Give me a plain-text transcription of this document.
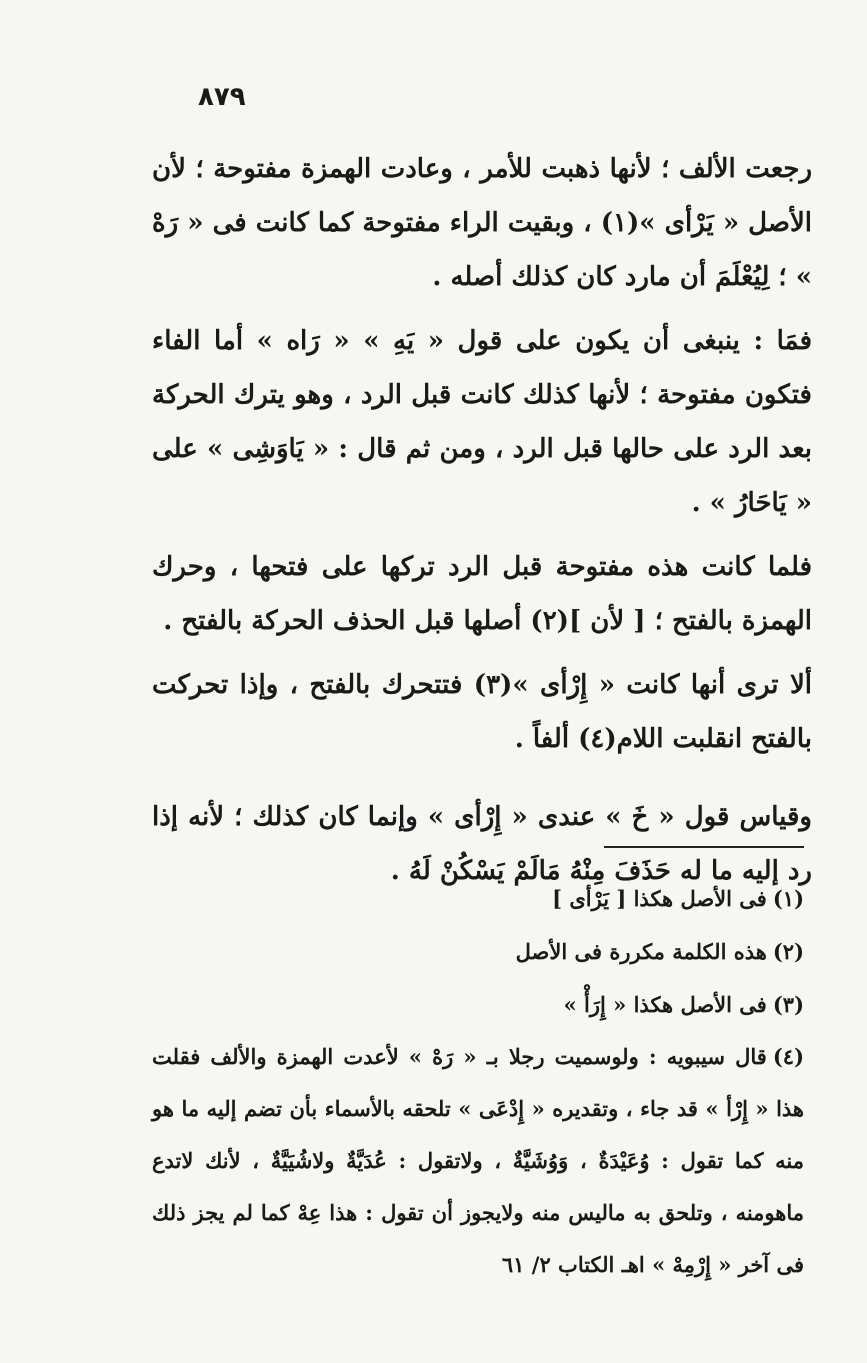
٨٧٩

رجعت الألف ؛ لأنها ذهبت للأمر ، وعادت الهمزة مفتوحة ؛ لأن الأصل « يَرْأى »(١) ، وبقيت الراء مفتوحة كما كانت فى « رَهْ » ؛ لِيُعْلَمَ أن مارد كان كذلك أصله .

فمَا : ينبغى أن يكون على قول « يَهِ » « رَاه » أما الفاء فتكون مفتوحة ؛ لأنها كذلك كانت قبل الرد ، وهو يترك الحركة بعد الرد على حالها قبل الرد ، ومن ثم قال : « يَاوَشِى » على « يَاحَارُ » .

فلما كانت هذه مفتوحة قبل الرد تركها على فتحها ، وحرك الهمزة بالفتح ؛ [ لأن ](٢) أصلها قبل الحذف الحركة بالفتح .

ألا ترى أنها كانت « إِرْأى »(٣) فتتحرك بالفتح ، وإذا تحركت بالفتح انقلبت اللام(٤) ألفاً .

وقياس قول « خَ » عندى « إِرْأى » وإنما كان كذلك ؛ لأنه إذا رد إليه ما له حَذَفَ مِنْهُ مَالَمْ يَسْكُنْ لَهُ .

(١)فى الأصل هكذا [ يَرْأى ]

(٢)هذه الكلمة مكررة فى الأصل

(٣)فى الأصل هكذا « إِرَأْ »

(٤)قال سيبويه : ولوسميت رجلا بـ « رَهْ » لأعدت الهمزة والألف فقلت هذا « إِرْأ » قد جاء ، وتقديره « إِدْعَى » تلحقه بالأسماء بأن تضم إليه ما هو منه كما تقول : وُعَيْدَةٌ ، وَوُشَيَّةٌ ، ولاتقول : عُدَيَّةٌ ولاشُيَيَّةٌ ، لأنك لاتدع ماهومنه ، وتلحق به ماليس منه ولايجوز أن تقول : هذا عِهْ كما لم يجز ذلك فى آخر « إِرْمِهْ » اهـ الكتاب ٢/ ٦١
